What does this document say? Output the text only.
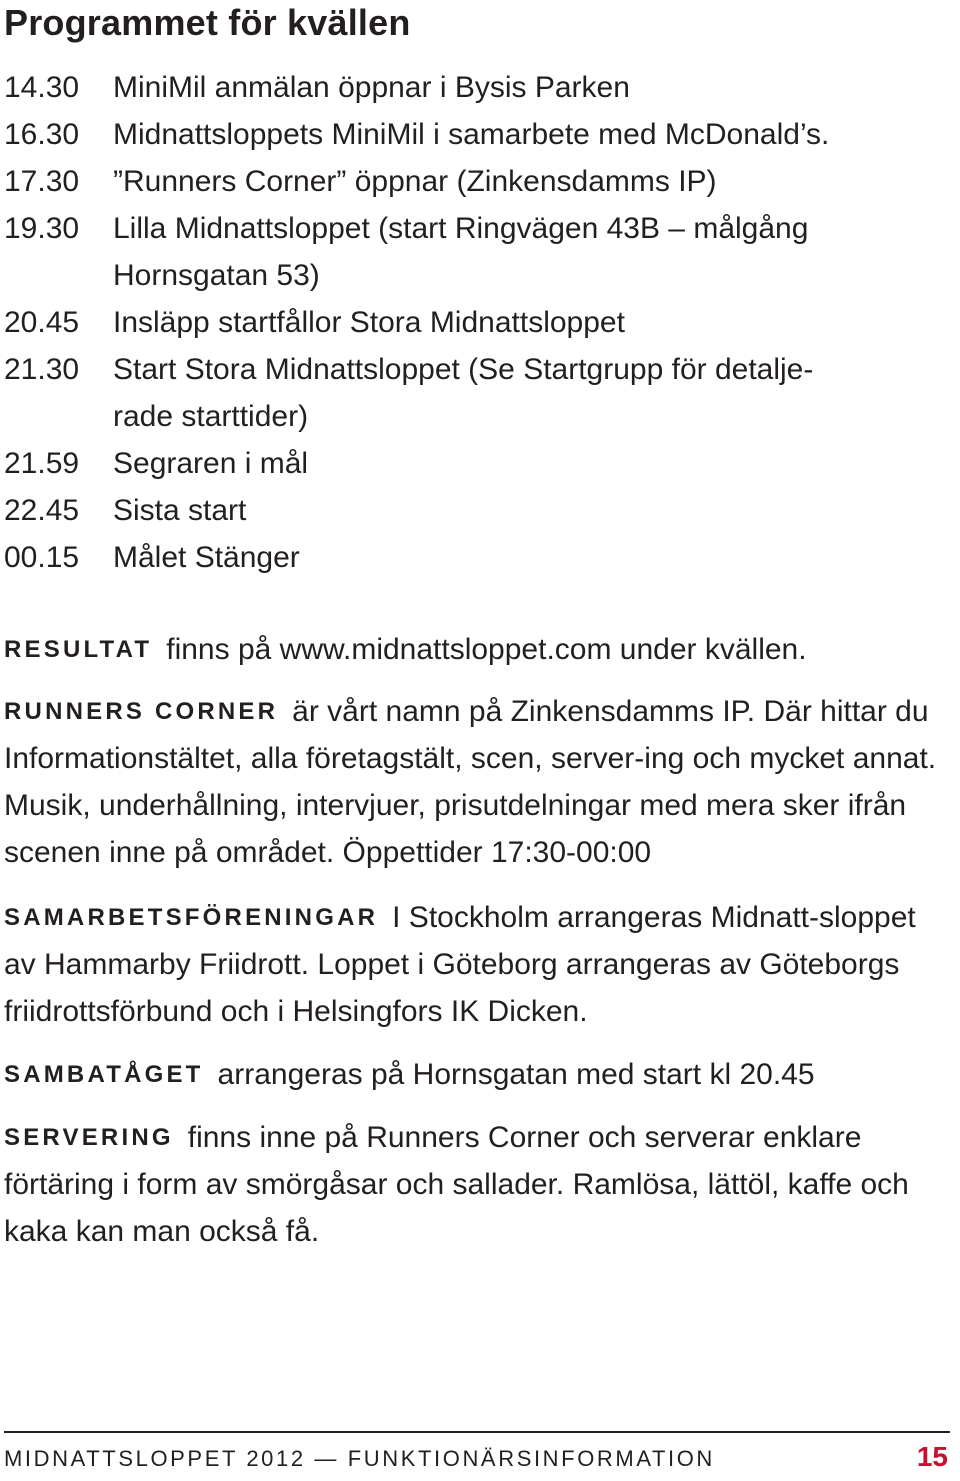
Programmet för kvällen
14.30	MiniMil anmälan öppnar i Bysis Parken
16.30	Midnattsloppets MiniMil i samarbete med McDonald’s.
17.30	”Runners Corner” öppnar (Zinkensdamms IP)
19.30	Lilla Midnattsloppet (start Ringvägen 43B – målgång
Hornsgatan 53)
20.45	Insläpp startfållor Stora Midnattsloppet
21.30	Start Stora Midnattsloppet (Se Startgrupp för detalje-
rade starttider)
21.59	Segraren i mål
22.45	Sista start
00.15	Målet Stänger

RESULTAT finns på www.midnattsloppet.com under kvällen.

RUNNERS CORNER är vårt namn på Zinkensdamms IP. Där hittar du Informationstältet, alla företagstält, scen, server-ing och mycket annat. Musik, underhållning, intervjuer, prisutdelningar med mera sker ifrån scenen inne på området. Öppettider 17:30-00:00

SAMARBETSFÖRENINGAR I Stockholm arrangeras Midnatt-sloppet av Hammarby Friidrott. Loppet i Göteborg arrangeras av Göteborgs friidrottsförbund och i Helsingfors IK Dicken.

SAMBATÅGET arrangeras på Hornsgatan med start kl 20.45

SERVERING finns inne på Runners Corner och serverar enklare förtäring i form av smörgåsar och sallader. Ramlösa, lättöl, kaffe och kaka kan man också få.

MIDNATTSLOPPET 2012 — FUNKTIONÄRSINFORMATION	15
